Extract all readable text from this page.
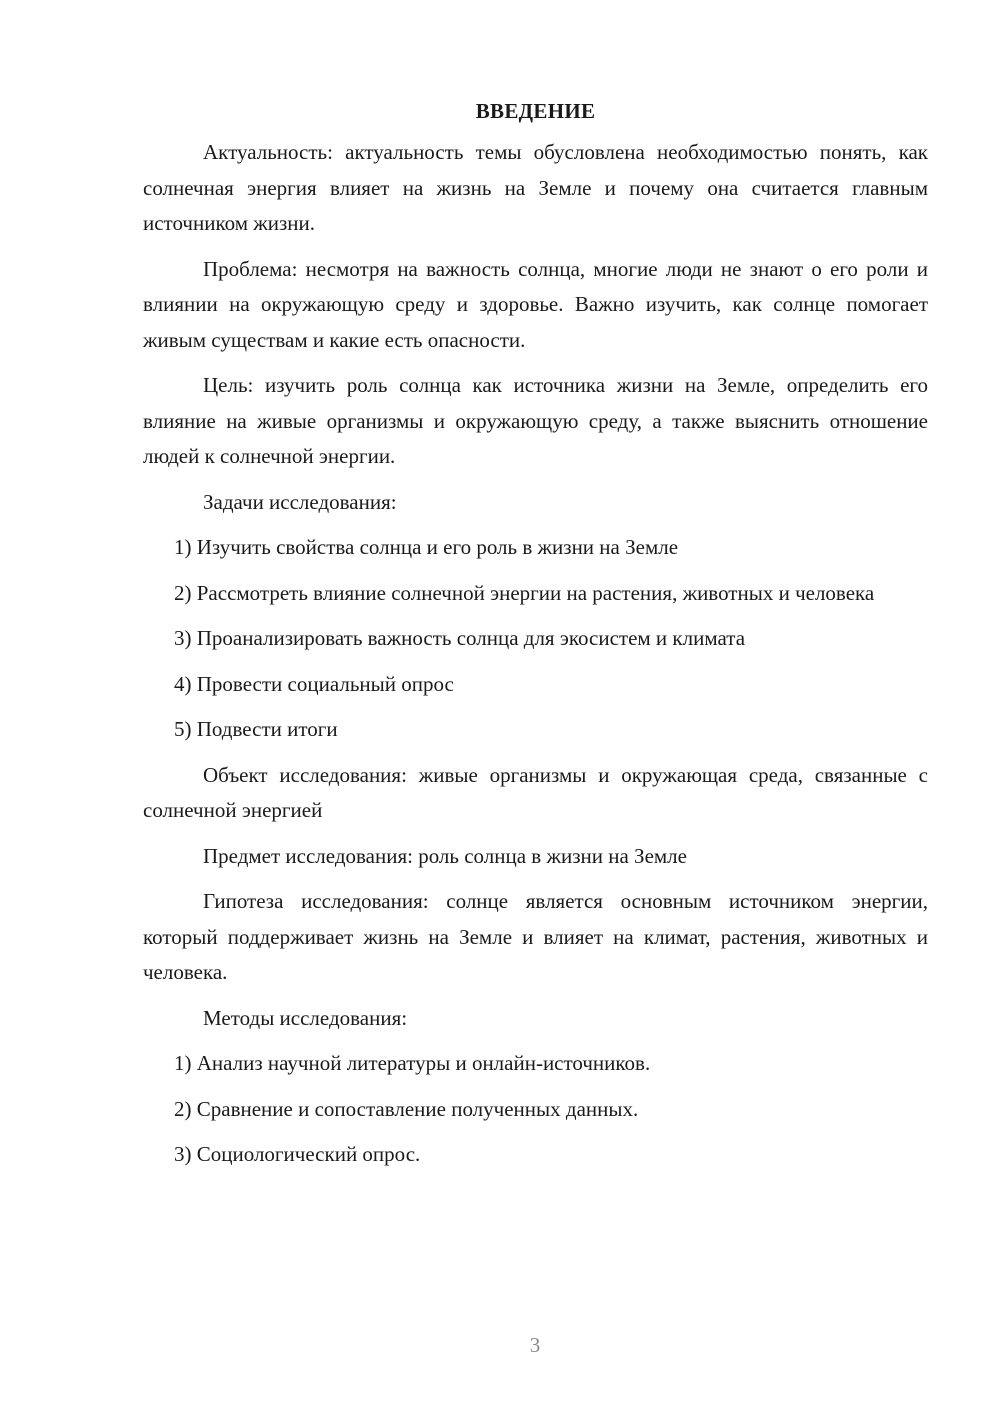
ВВЕДЕНИЕ

Актуальность: актуальность темы обусловлена необходимостью понять, как солнечная энергия влияет на жизнь на Земле и почему она считается главным источником жизни.

Проблема: несмотря на важность солнца, многие люди не знают о его роли и влиянии на окружающую среду и здоровье. Важно изучить, как солнце помогает живым существам и какие есть опасности.

Цель: изучить роль солнца как источника жизни на Земле, определить его влияние на живые организмы и окружающую среду, а также выяснить отношение людей к солнечной энергии.

Задачи исследования:

1) Изучить свойства солнца и его роль в жизни на Земле

2) Рассмотреть влияние солнечной энергии на растения, животных и человека

3) Проанализировать важность солнца для экосистем и климата

4) Провести социальный опрос

5) Подвести итоги

Объект исследования: живые организмы и окружающая среда, связанные с солнечной энергией

Предмет исследования: роль солнца в жизни на Земле

Гипотеза исследования: солнце является основным источником энергии, который поддерживает жизнь на Земле и влияет на климат, растения, животных и человека.

Методы исследования:

1) Анализ научной литературы и онлайн-источников.

2) Сравнение и сопоставление полученных данных.

3) Социологический опрос.

3
